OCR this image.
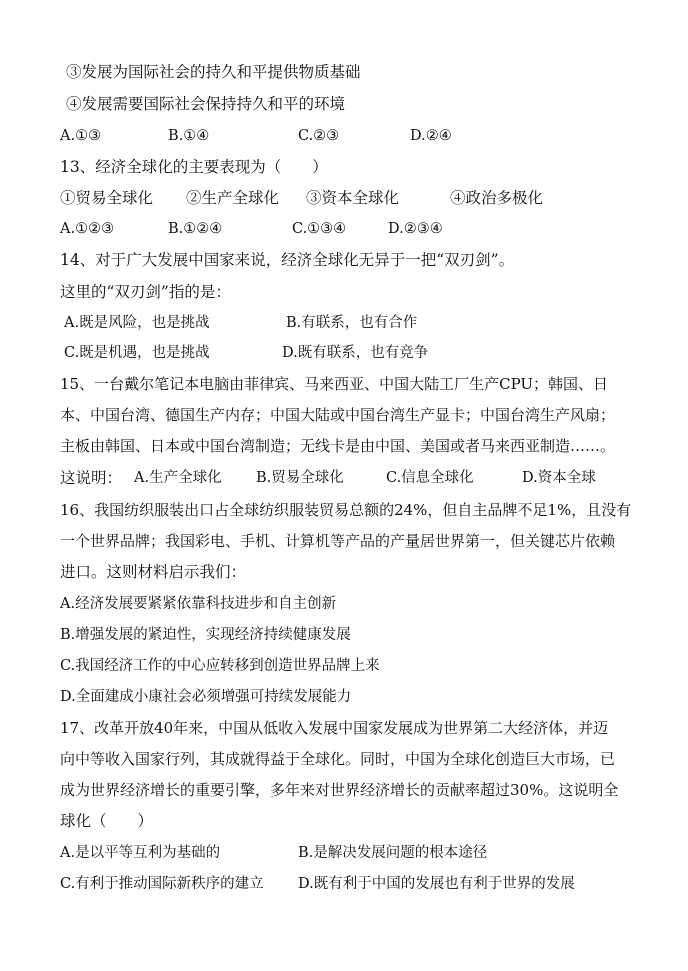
③发展为国际社会的持久和平提供物质基础
④发展需要国际社会保持持久和平的环境
A.①③	B.①④	C.②③	D.②④
13、经济全球化的主要表现为（　　）
①贸易全球化 ②生产全球化 ③资本全球化	④政治多极化
A.①②③	B.①②④	C.①③④	D.②③④
14、对于广大发展中国家来说，经济全球化无异于一把“双刃剑”。
这里的“双刃剑”指的是：
A.既是风险，也是挑战	B.有联系，也有合作
C.既是机遇，也是挑战	D.既有联系，也有竞争
15、一台戴尔笔记本电脑由菲律宾、马来西亚、中国大陆工厂生产CPU；韩国、日
本、中国台湾、德国生产内存；中国大陆或中国台湾生产显卡；中国台湾生产风扇；
主板由韩国、日本或中国台湾制造；无线卡是由中国、美国或者马来西亚制造……。
这说明： A.生产全球化 B.贸易全球化	C.信息全球化	D.资本全球
16、我国纺织服装出口占全球纺织服装贸易总额的24%，但自主品牌不足1%，且没有
一个世界品牌；我国彩电、手机、计算机等产品的产量居世界第一，但关键芯片依赖
进口。这则材料启示我们：
A.经济发展要紧紧依靠科技进步和自主创新
B.增强发展的紧迫性，实现经济持续健康发展
C.我国经济工作的中心应转移到创造世界品牌上来
D.全面建成小康社会必须增强可持续发展能力
17、改革开放40年来，中国从低收入发展中国家发展成为世界第二大经济体，并迈
向中等收入国家行列，其成就得益于全球化。同时，中国为全球化创造巨大市场，已
成为世界经济增长的重要引擎，多年来对世界经济增长的贡献率超过30%。这说明全
球化（　　）
A.是以平等互利为基础的	B.是解决发展问题的根本途径
C.有利于推动国际新秩序的建立 D.既有利于中国的发展也有利于世界的发展
